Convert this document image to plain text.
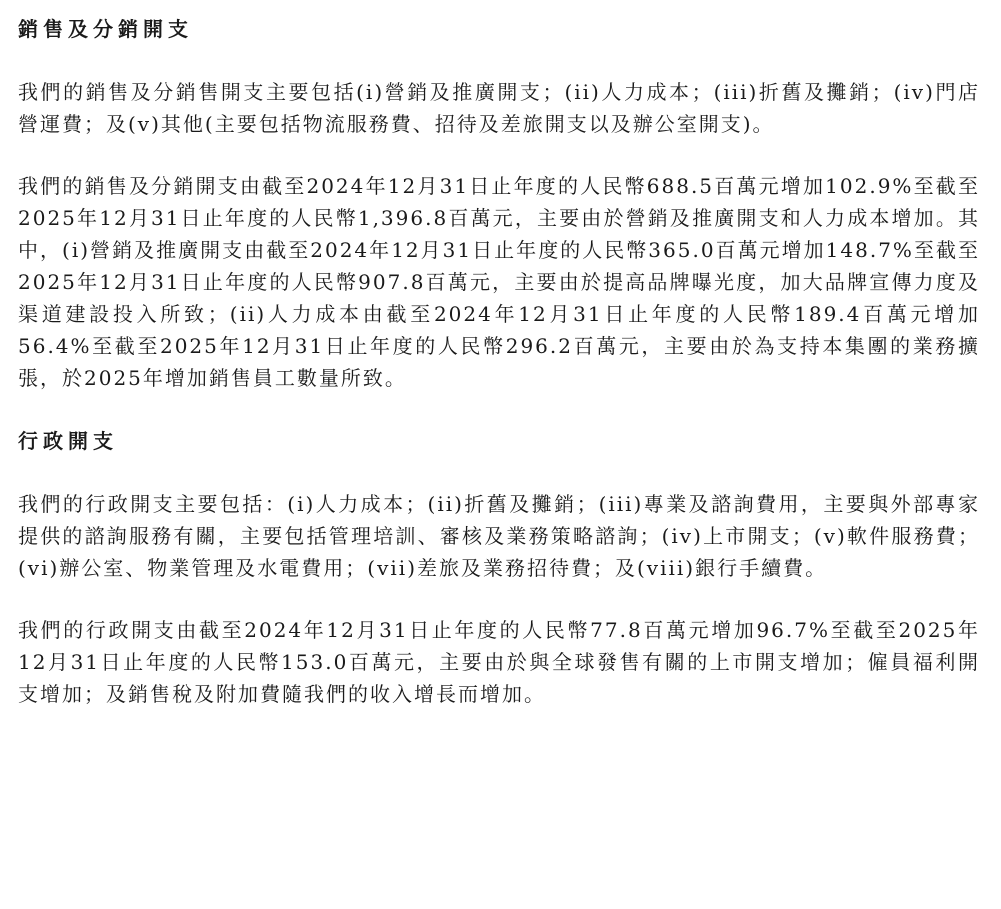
銷售及分銷開支

我們的銷售及分銷售開支主要包括(i)營銷及推廣開支；(ii)人力成本；(iii)折舊及攤銷；(iv)門店營運費；及(v)其他(主要包括物流服務費、招待及差旅開支以及辦公室開支)。

我們的銷售及分銷開支由截至2024年12月31日止年度的人民幣688.5百萬元增加102.9%至截至2025年12月31日止年度的人民幣1,396.8百萬元，主要由於營銷及推廣開支和人力成本增加。其中，(i)營銷及推廣開支由截至2024年12月31日止年度的人民幣365.0百萬元增加148.7%至截至2025年12月31日止年度的人民幣907.8百萬元，主要由於提高品牌曝光度，加大品牌宣傳力度及渠道建設投入所致；(ii)人力成本由截至2024年12月31日止年度的人民幣189.4百萬元增加56.4%至截至2025年12月31日止年度的人民幣296.2百萬元，主要由於為支持本集團的業務擴張，於2025年增加銷售員工數量所致。

行政開支

我們的行政開支主要包括：(i)人力成本；(ii)折舊及攤銷；(iii)專業及諮詢費用，主要與外部專家提供的諮詢服務有關，主要包括管理培訓、審核及業務策略諮詢；(iv)上市開支；(v)軟件服務費；(vi)辦公室、物業管理及水電費用；(vii)差旅及業務招待費；及(viii)銀行手續費。

我們的行政開支由截至2024年12月31日止年度的人民幣77.8百萬元增加96.7%至截至2025年12月31日止年度的人民幣153.0百萬元，主要由於與全球發售有關的上市開支增加；僱員福利開支增加；及銷售稅及附加費隨我們的收入增長而增加。
